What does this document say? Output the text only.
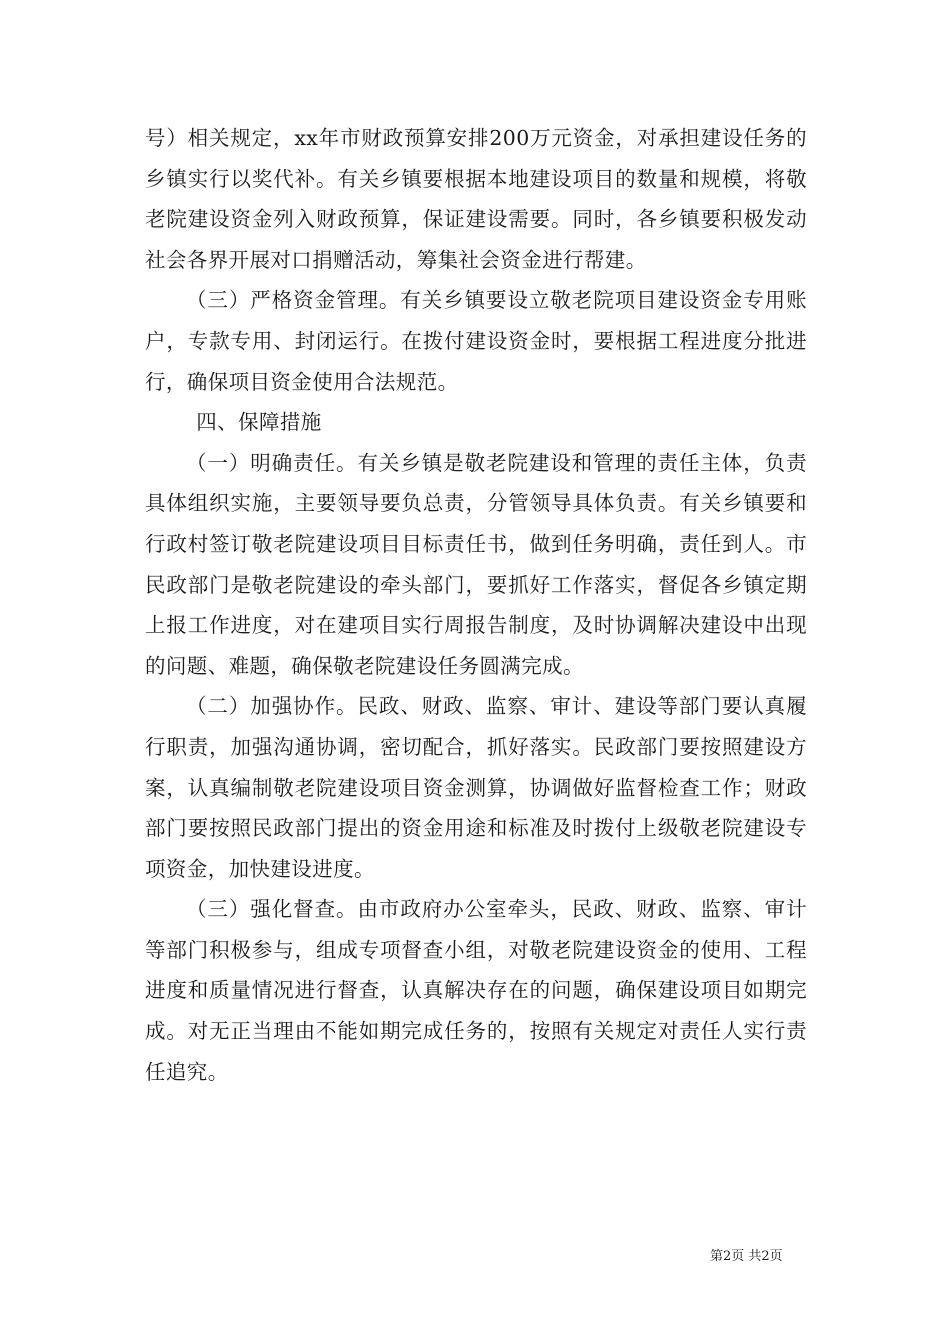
号）相关规定，xx年市财政预算安排200万元资金，对承担建设任务的乡镇实行以奖代补。有关乡镇要根据本地建设项目的数量和规模，将敬老院建设资金列入财政预算，保证建设需要。同时，各乡镇要积极发动社会各界开展对口捐赠活动，筹集社会资金进行帮建。

（三）严格资金管理。有关乡镇要设立敬老院项目建设资金专用账户，专款专用、封闭运行。在拨付建设资金时，要根据工程进度分批进行，确保项目资金使用合法规范。

四、保障措施

（一）明确责任。有关乡镇是敬老院建设和管理的责任主体，负责具体组织实施，主要领导要负总责，分管领导具体负责。有关乡镇要和行政村签订敬老院建设项目目标责任书，做到任务明确，责任到人。市民政部门是敬老院建设的牵头部门，要抓好工作落实，督促各乡镇定期上报工作进度，对在建项目实行周报告制度，及时协调解决建设中出现的问题、难题，确保敬老院建设任务圆满完成。

（二）加强协作。民政、财政、监察、审计、建设等部门要认真履行职责，加强沟通协调，密切配合，抓好落实。民政部门要按照建设方案，认真编制敬老院建设项目资金测算，协调做好监督检查工作；财政部门要按照民政部门提出的资金用途和标准及时拨付上级敬老院建设专项资金，加快建设进度。

（三）强化督查。由市政府办公室牵头，民政、财政、监察、审计等部门积极参与，组成专项督查小组，对敬老院建设资金的使用、工程进度和质量情况进行督查，认真解决存在的问题，确保建设项目如期完成。对无正当理由不能如期完成任务的，按照有关规定对责任人实行责任追究。

第2页 共2页
